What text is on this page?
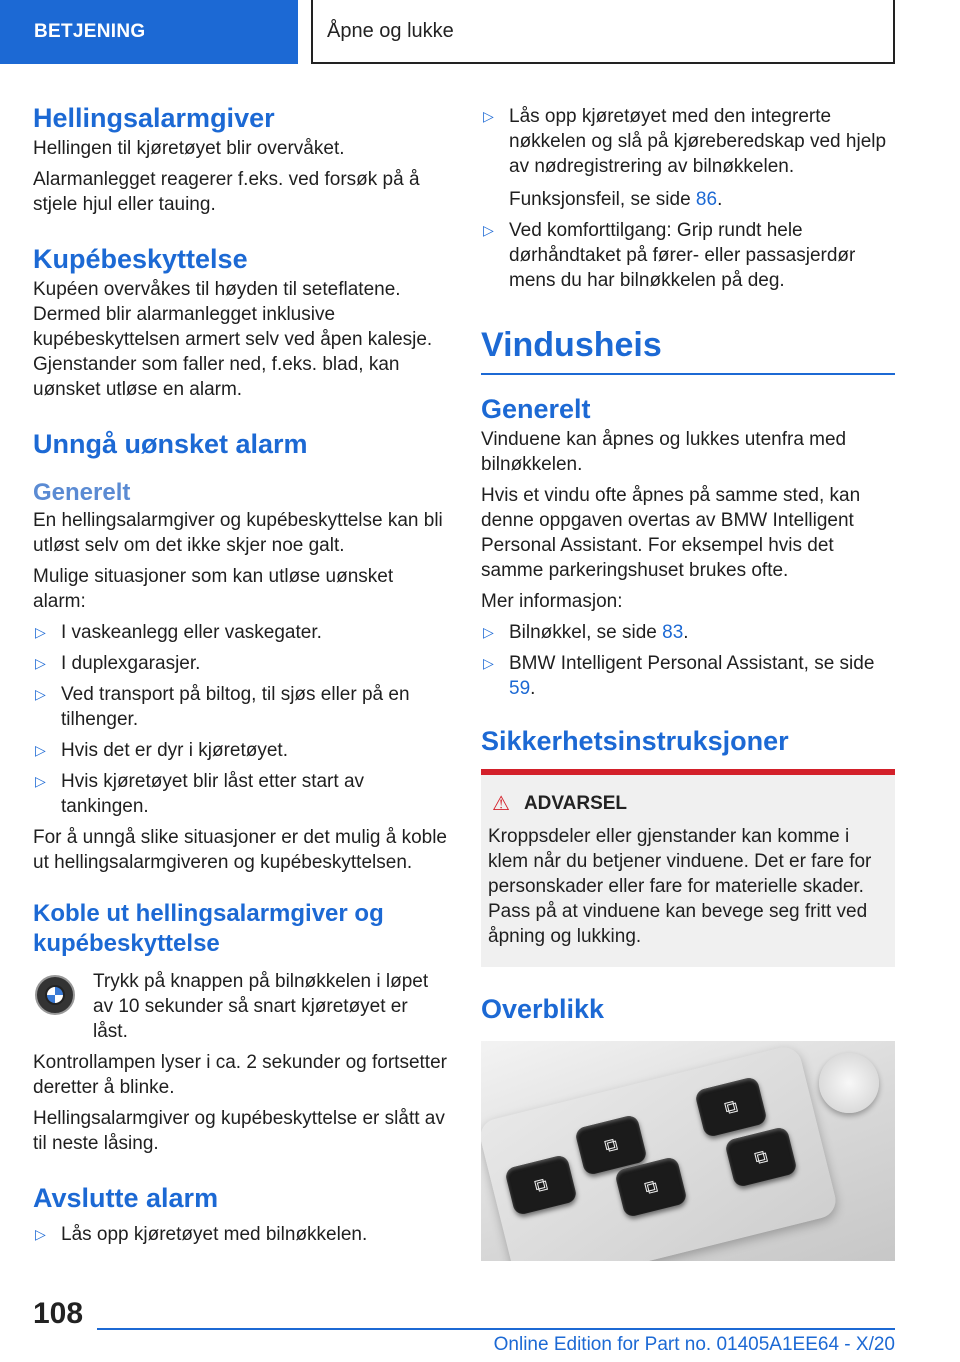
BETJENING	Åpne og lukke
Hellingsalarmgiver

Hellingen til kjøretøyet blir overvåket.

Alarmanlegget reagerer f.eks. ved forsøk på å stjele hjul eller tauing.

Kupébeskyttelse

Kupéen overvåkes til høyden til seteflatene. Dermed blir alarmanlegget inklusive kupébeskyttelsen armert selv ved åpen kalesje. Gjenstander som faller ned, f.eks. blad, kan uønsket utløse en alarm.

Unngå uønsket alarm
Generelt

En hellingsalarmgiver og kupébeskyttelse kan bli utløst selv om det ikke skjer noe galt.

Mulige situasjoner som kan utløse uønsket alarm:

▷ I vaskeanlegg eller vaskegater.
▷ I duplexgarasjer.
▷ Ved transport på biltog, til sjøs eller på en tilhenger.
▷ Hvis det er dyr i kjøretøyet.
▷ Hvis kjøretøyet blir låst etter start av tankingen.

For å unngå slike situasjoner er det mulig å koble ut hellingsalarmgiveren og kupébeskyttelsen.

Koble ut hellingsalarmgiver og kupébeskyttelse

Trykk på knappen på bilnøkkelen i løpet av 10 sekunder så snart kjøretøyet er låst.

Kontrollampen lyser i ca. 2 sekunder og fortsetter deretter å blinke.

Hellingsalarmgiver og kupébeskyttelse er slått av til neste låsing.

Avslutte alarm
▷ Lås opp kjøretøyet med bilnøkkelen.
▷ Lås opp kjøretøyet med den integrerte nøkkelen og slå på kjøreberedskap ved hjelp av nødregistrering av bilnøkkelen.
Funksjonsfeil, se side 86.
▷ Ved komforttilgang: Grip rundt hele dørhåndtaket på fører- eller passasjerdør mens du har bilnøkkelen på deg.
Vindusheis
Generelt

Vinduene kan åpnes og lukkes utenfra med bilnøkkelen.

Hvis et vindu ofte åpnes på samme sted, kan denne oppgaven overtas av BMW Intelligent Personal Assistant. For eksempel hvis det samme parkeringshuset brukes ofte.

Mer informasjon:

▷ Bilnøkkel, se side 83.
▷ BMW Intelligent Personal Assistant, se side 59.
Sikkerhetsinstruksjoner
⚠ ADVARSEL

Kroppsdeler eller gjenstander kan komme i klem når du betjener vinduene. Det er fare for personskader eller fare for materielle skader. Pass på at vinduene kan bevege seg fritt ved åpning og lukking.

Overblikk
⧉
⧉
⧉
⧉
⧉
108
Online Edition for Part no. 01405A1EE64 - X/20
